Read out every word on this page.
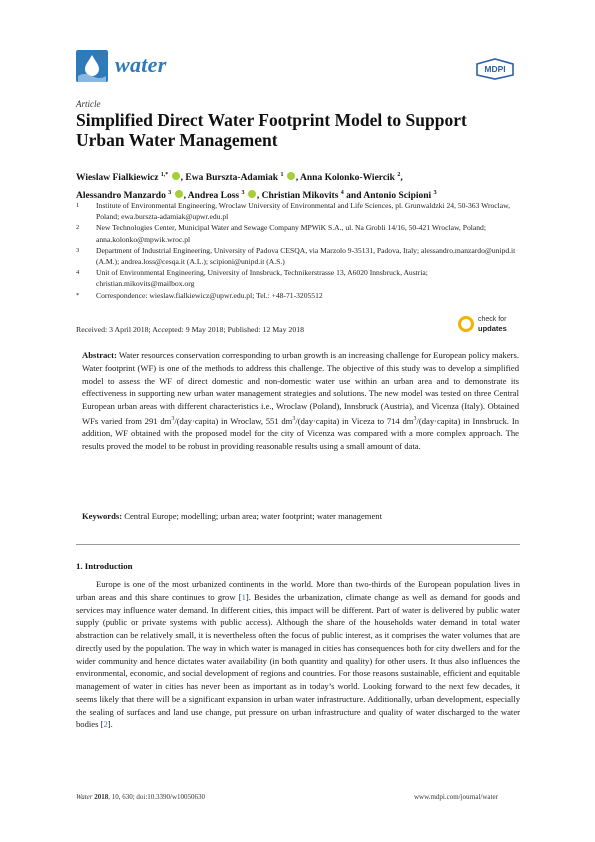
water	MDPI
Article
Simplified Direct Water Footprint Model to Support Urban Water Management
Wieslaw Fialkiewicz $^{1,*}$ , Ewa Burszta-Adamiak $^1$ , Anna Kolonko-Wiercik $^2$,
Alessandro Manzardo $^3$ , Andrea Loss $^3$ , Christian Mikovits $^4$ and Antonio Scipioni $^3$
1	Institute of Environmental Engineering, Wroclaw University of Environmental and Life Sciences, pl. Grunwaldzki 24, 50-363 Wroclaw, Poland; ewa.burszta-adamiak@upwr.edu.pl
2	New Technologies Center, Municipal Water and Sewage Company MPWiK S.A., ul. Na Grobli 14/16, 50-421 Wroclaw, Poland; anna.kolonko@mpwik.wroc.pl
3	Department of Industrial Engineering, University of Padova CESQA, via Marzolo 9-35131, Padova, Italy; alessandro.manzardo@unipd.it (A.M.); andrea.loss@cesqa.it (A.L.); scipioni@unipd.it (A.S.)
4	Unit of Environmental Engineering, University of Innsbruck, Technikerstrasse 13, A6020 Innsbruck, Austria; christian.mikovits@mailbox.org
*	Correspondence: wieslaw.fialkiewicz@upwr.edu.pl; Tel.: +48-71-3205512
Received: 3 April 2018; Accepted: 9 May 2018; Published: 12 May 2018
check for
updates
Abstract: Water resources conservation corresponding to urban growth is an increasing challenge for European policy makers. Water footprint (WF) is one of the methods to address this challenge. The objective of this study was to develop a simplified model to assess the WF of direct domestic and non-domestic water use within an urban area and to demonstrate its effectiveness in supporting new urban water management strategies and solutions. The new model was tested on three Central European urban areas with different characteristics i.e., Wroclaw (Poland), Innsbruck (Austria), and Vicenza (Italy). Obtained WFs varied from 291 $dm^3/(day\cdot capita)$ in Wroclaw, 551 $dm^3/(day\cdot capita)$ in Viceza to 714 $dm^3/(day\cdot capita)$ in Innsbruck. In addition, WF obtained with the proposed model for the city of Vicenza was compared with a more complex approach. The results proved the model to be robust in providing reasonable results using a small amount of data.
Keywords: Central Europe; modelling; urban area; water footprint; water management
1. Introduction
Europe is one of the most urbanized continents in the world. More than two-thirds of the European population lives in urban areas and this share continues to grow [1]. Besides the urbanization, climate change as well as demand for goods and services may influence water demand. In different cities, this impact will be different. Part of water is delivered by public water supply (public or private systems with public access). Although the share of the households water demand in total water abstraction can be relatively small, it is nevertheless often the focus of public interest, as it comprises the water volumes that are directly used by the population. The way in which water is managed in cities has consequences both for city dwellers and for the wider community and hence dictates water availability (in both quantity and quality) for other users. It thus also influences the environmental, economic, and social development of regions and countries. For those reasons sustainable, efficient and equitable management of water in cities has never been as important as in today’s world. Looking forward to the next few decades, it seems likely that there will be a significant expansion in urban water infrastructure. Additionally, urban development, especially the sealing of surfaces and land use change, put pressure on urban infrastructure and quality of water discharged to the water bodies [2].
Water 2018, 10, 630; doi:10.3390/w10050630	www.mdpi.com/journal/water
